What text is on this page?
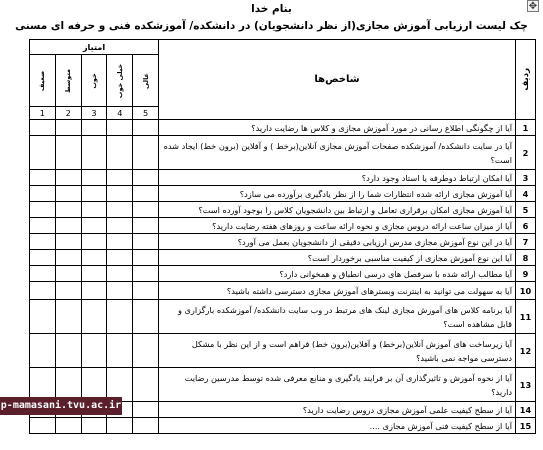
✥
بنام خدا
چک لیست ارزیابی آموزش مجازی(از نظر دانشجویان) در دانشکده/ آموزشکده فنی و حرفه ای مسنی
ردیف	شاخص‌ها	امتیاز				

		عالی	خیلی خوب	خوب	متوسط	ضعیف

		5	4	3	2	1
1	آیا از چگونگی اطلاع رسانی در مورد آموزش مجازی و کلاس ها رضایت دارید؟					
2	آیا در سایت دانشکده/ آموزشکده صفحات آموزش مجازی آنلاین(برخط ) و آفلاین (برون خط) ایجاد شده است؟					
3	آیا امکان ارتباط دوطرفه یا استاد وجود دارد؟					
4	آیا آموزش مجازی ارائه شده انتظارات شما را از نظر یادگیری برآورده می سازد؟					
5	آیا آموزش مجازی امکان برقراری تعامل و ارتباط بین دانشجویان کلاس را بوجود آورده است؟					
6	آیا از میزان ساعت ارائه دروس مجازی و نحوه ارائه ساعت و روزهای هفته رضایت دارید؟					
7	آیا در این نوع آموزش مجازی مدرس ارزیابی دقیقی از دانشجویان بعمل می آورد؟					
8	آیا این نوع آموزش مجازی از کیفیت مناسبی برخوردار است؟					
9	آیا مطالب ارائه شده با سرفصل های درسی انطباق و همخوانی دارد؟					
10	آیا به سهولت می توانید به اینترنت وبسترهای آموزش مجازی دسترسی داشته باشید؟					
11	آیا برنامه کلاس های آموزش مجازی لینک های مرتبط در وب سایت دانشکده/ آموزشکده بارگزاری و قابل مشاهده است؟					
12	آیا زیرساخت های آموزش آنلاین(برخط) و آفلاین(برون خط) فراهم است و از این نظر با مشکل دسترسی مواجه نمی باشید؟					
13	آیا از نحوه آموزش و تاثیرگذاری آن بر فرایند یادگیری و منابع معرفی شده توسط مدرسین رضایت دارید؟					
14	آیا از سطح کیفیت علمی آموزش مجازی دروس رضایت دارید؟					
15	آیا از سطح کیفیت فنی آموزش مجازی ....					
p-mamasani.tvu.ac.ir
